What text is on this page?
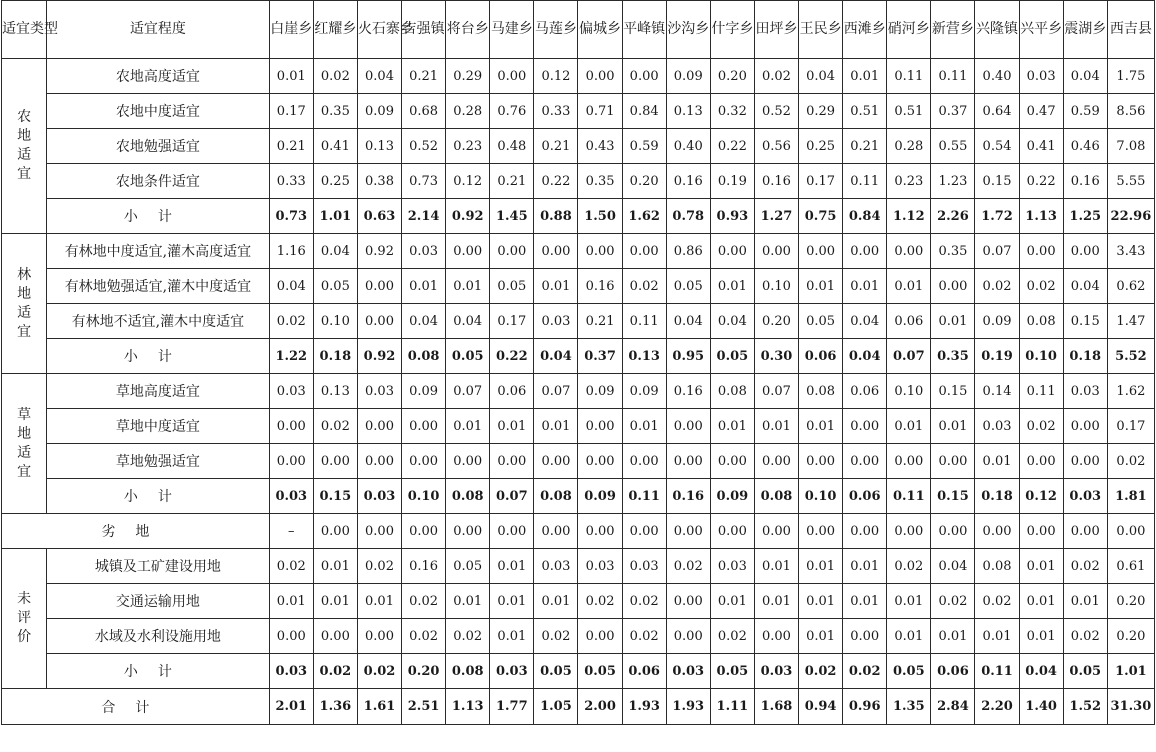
适宜类型	适宜程度	白崖乡	红耀乡	火石寨乡	吉强镇	将台乡	马建乡	马莲乡	偏城乡	平峰镇	沙沟乡	什字乡	田坪乡	王民乡	西滩乡	硝河乡	新营乡	兴隆镇	兴平乡	震湖乡	西吉县
农地适宜	农地高度适宜	0.01	0.02	0.04	0.21	0.29	0.00	0.12	0.00	0.00	0.09	0.20	0.02	0.04	0.01	0.11	0.11	0.40	0.03	0.04	1.75
	农地中度适宜	0.17	0.35	0.09	0.68	0.28	0.76	0.33	0.71	0.84	0.13	0.32	0.52	0.29	0.51	0.51	0.37	0.64	0.47	0.59	8.56
	农地勉强适宜	0.21	0.41	0.13	0.52	0.23	0.48	0.21	0.43	0.59	0.40	0.22	0.56	0.25	0.21	0.28	0.55	0.54	0.41	0.46	7.08
	农地条件适宜	0.33	0.25	0.38	0.73	0.12	0.21	0.22	0.35	0.20	0.16	0.19	0.16	0.17	0.11	0.23	1.23	0.15	0.22	0.16	5.55
	小计	0.73	1.01	0.63	2.14	0.92	1.45	0.88	1.50	1.62	0.78	0.93	1.27	0.75	0.84	1.12	2.26	1.72	1.13	1.25	22.96
林地适宜	有林地中度适宜,灌木高度适宜	1.16	0.04	0.92	0.03	0.00	0.00	0.00	0.00	0.00	0.86	0.00	0.00	0.00	0.00	0.00	0.35	0.07	0.00	0.00	3.43
	有林地勉强适宜,灌木中度适宜	0.04	0.05	0.00	0.01	0.01	0.05	0.01	0.16	0.02	0.05	0.01	0.10	0.01	0.01	0.01	0.00	0.02	0.02	0.04	0.62
	有林地不适宜,灌木中度适宜	0.02	0.10	0.00	0.04	0.04	0.17	0.03	0.21	0.11	0.04	0.04	0.20	0.05	0.04	0.06	0.01	0.09	0.08	0.15	1.47
	小计	1.22	0.18	0.92	0.08	0.05	0.22	0.04	0.37	0.13	0.95	0.05	0.30	0.06	0.04	0.07	0.35	0.19	0.10	0.18	5.52
草地适宜	草地高度适宜	0.03	0.13	0.03	0.09	0.07	0.06	0.07	0.09	0.09	0.16	0.08	0.07	0.08	0.06	0.10	0.15	0.14	0.11	0.03	1.62
	草地中度适宜	0.00	0.02	0.00	0.00	0.01	0.01	0.01	0.00	0.01	0.00	0.01	0.01	0.01	0.00	0.01	0.01	0.03	0.02	0.00	0.17
	草地勉强适宜	0.00	0.00	0.00	0.00	0.00	0.00	0.00	0.00	0.00	0.00	0.00	0.00	0.00	0.00	0.00	0.00	0.01	0.00	0.00	0.02
	小计	0.03	0.15	0.03	0.10	0.08	0.07	0.08	0.09	0.11	0.16	0.09	0.08	0.10	0.06	0.11	0.15	0.18	0.12	0.03	1.81
劣地		–	0.00	0.00	0.00	0.00	0.00	0.00	0.00	0.00	0.00	0.00	0.00	0.00	0.00	0.00	0.00	0.00	0.00	0.00	0.00
未评价	城镇及工矿建设用地	0.02	0.01	0.02	0.16	0.05	0.01	0.03	0.03	0.03	0.02	0.03	0.01	0.01	0.01	0.02	0.04	0.08	0.01	0.02	0.61
	交通运输用地	0.01	0.01	0.01	0.02	0.01	0.01	0.01	0.02	0.02	0.00	0.01	0.01	0.01	0.01	0.01	0.02	0.02	0.01	0.01	0.20
	水域及水利设施用地	0.00	0.00	0.00	0.02	0.02	0.01	0.02	0.00	0.02	0.00	0.02	0.00	0.01	0.00	0.01	0.01	0.01	0.01	0.02	0.20
	小计	0.03	0.02	0.02	0.20	0.08	0.03	0.05	0.05	0.06	0.03	0.05	0.03	0.02	0.02	0.05	0.06	0.11	0.04	0.05	1.01
合计		2.01	1.36	1.61	2.51	1.13	1.77	1.05	2.00	1.93	1.93	1.11	1.68	0.94	0.96	1.35	2.84	2.20	1.40	1.52	31.30
